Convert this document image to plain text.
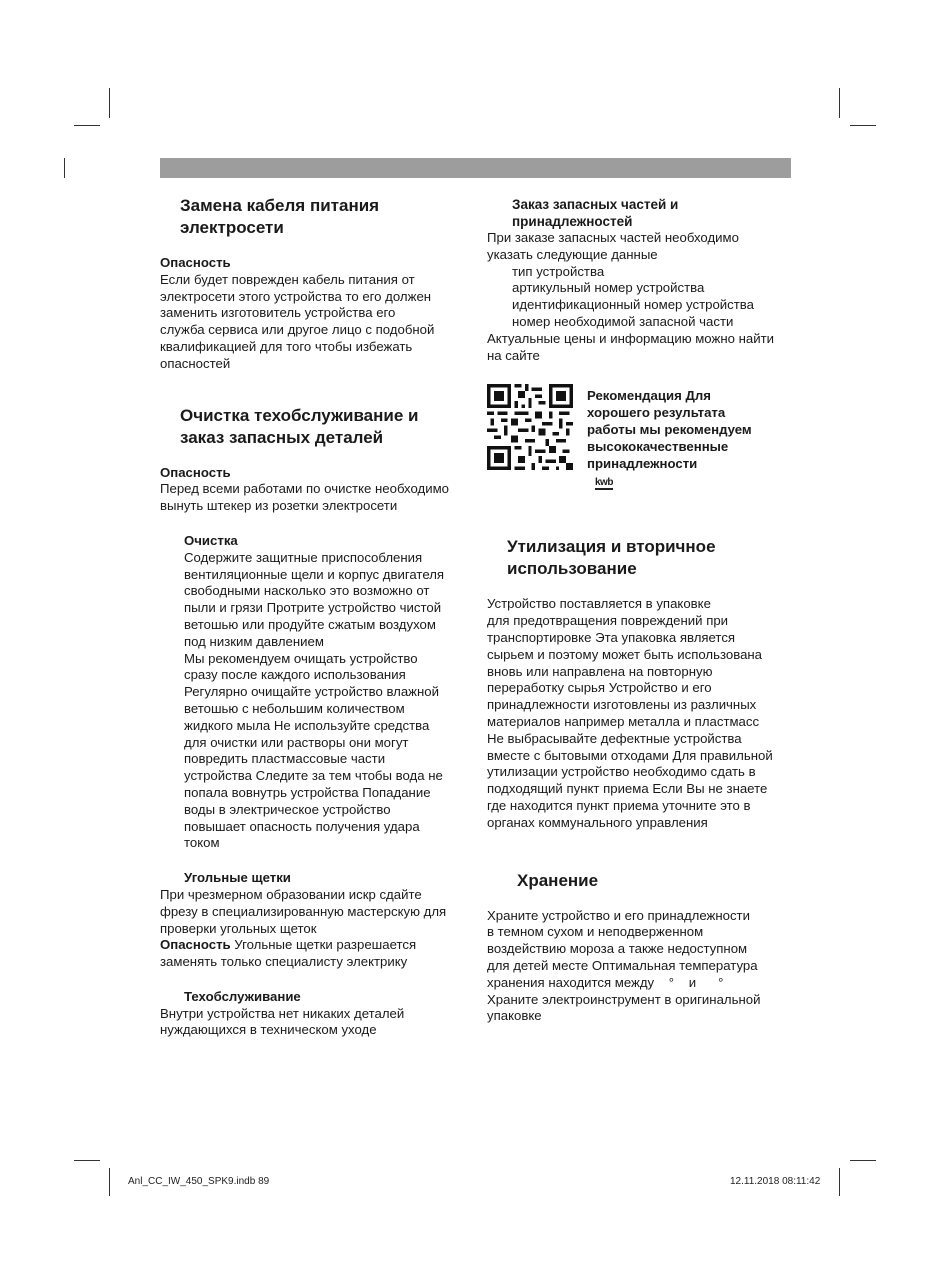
Замена кабеля питания
электросети

Опасность

Если будет поврежден кабель питания от

электросети этого устройства то его должен

заменить изготовитель устройства его

служба сервиса или другое лицо с подобной

квалификацией для того чтобы избежать

опасностей

Очистка техобслуживание и
заказ запасных деталей

Опасность

Перед всеми работами по очистке необходимо

вынуть штекер из розетки электросети

Очистка

Содержите защитные приспособления

вентиляционные щели и корпус двигателя

свободными насколько это возможно от

пыли и грязи Протрите устройство чистой

ветошью или продуйте сжатым воздухом

под низким давлением

Мы рекомендуем очищать устройство

сразу после каждого использования

Регулярно очищайте устройство влажной

ветошью с небольшим количеством

жидкого мыла Не используйте средства

для очистки или растворы они могут

повредить пластмассовые части

устройства Следите за тем чтобы вода не

попала вовнутрь устройства Попадание

воды в электрическое устройство

повышает опасность получения удара

током

Угольные щетки

При чрезмерном образовании искр сдайте

фрезу в специализированную мастерскую для

проверки угольных щеток

Опасность Угольные щетки разрешается

заменять только специалисту электрику

Техобслуживание

Внутри устройства нет никаких деталей

нуждающихся в техническом уходе

Заказ запасных частей и
принадлежностей

При заказе запасных частей необходимо

указать следующие данные

тип устройства

артикульный номер устройства

идентификационный номер устройства

номер необходимой запасной части

Актуальные цены и информацию можно найти

на сайте

Рекомендация Для
хорошего результата
работы мы рекомендуем
высококачественные
принадлежности
kwb
Утилизация и вторичное
использование

Устройство поставляется в упаковке

для предотвращения повреждений при

транспортировке Эта упаковка является

сырьем и поэтому может быть использована

вновь или направлена на повторную

переработку сырья Устройство и его

принадлежности изготовлены из различных

материалов например металла и пластмасс

Не выбрасывайте дефектные устройства

вместе с бытовыми отходами Для правильной

утилизации устройство необходимо сдать в

подходящий пункт приема Если Вы не знаете

где находится пункт приема уточните это в

органах коммунального управления

Хранение

Храните устройство и его принадлежности

в темном сухом и неподверженном

воздействию мороза а также недоступном

для детей месте Оптимальная температура

хранения находится между    °    и      °

Храните электроинструмент в оригинальной

упаковке

Anl_CC_IW_450_SPK9.indb 89	12.11.2018 08:11:42
